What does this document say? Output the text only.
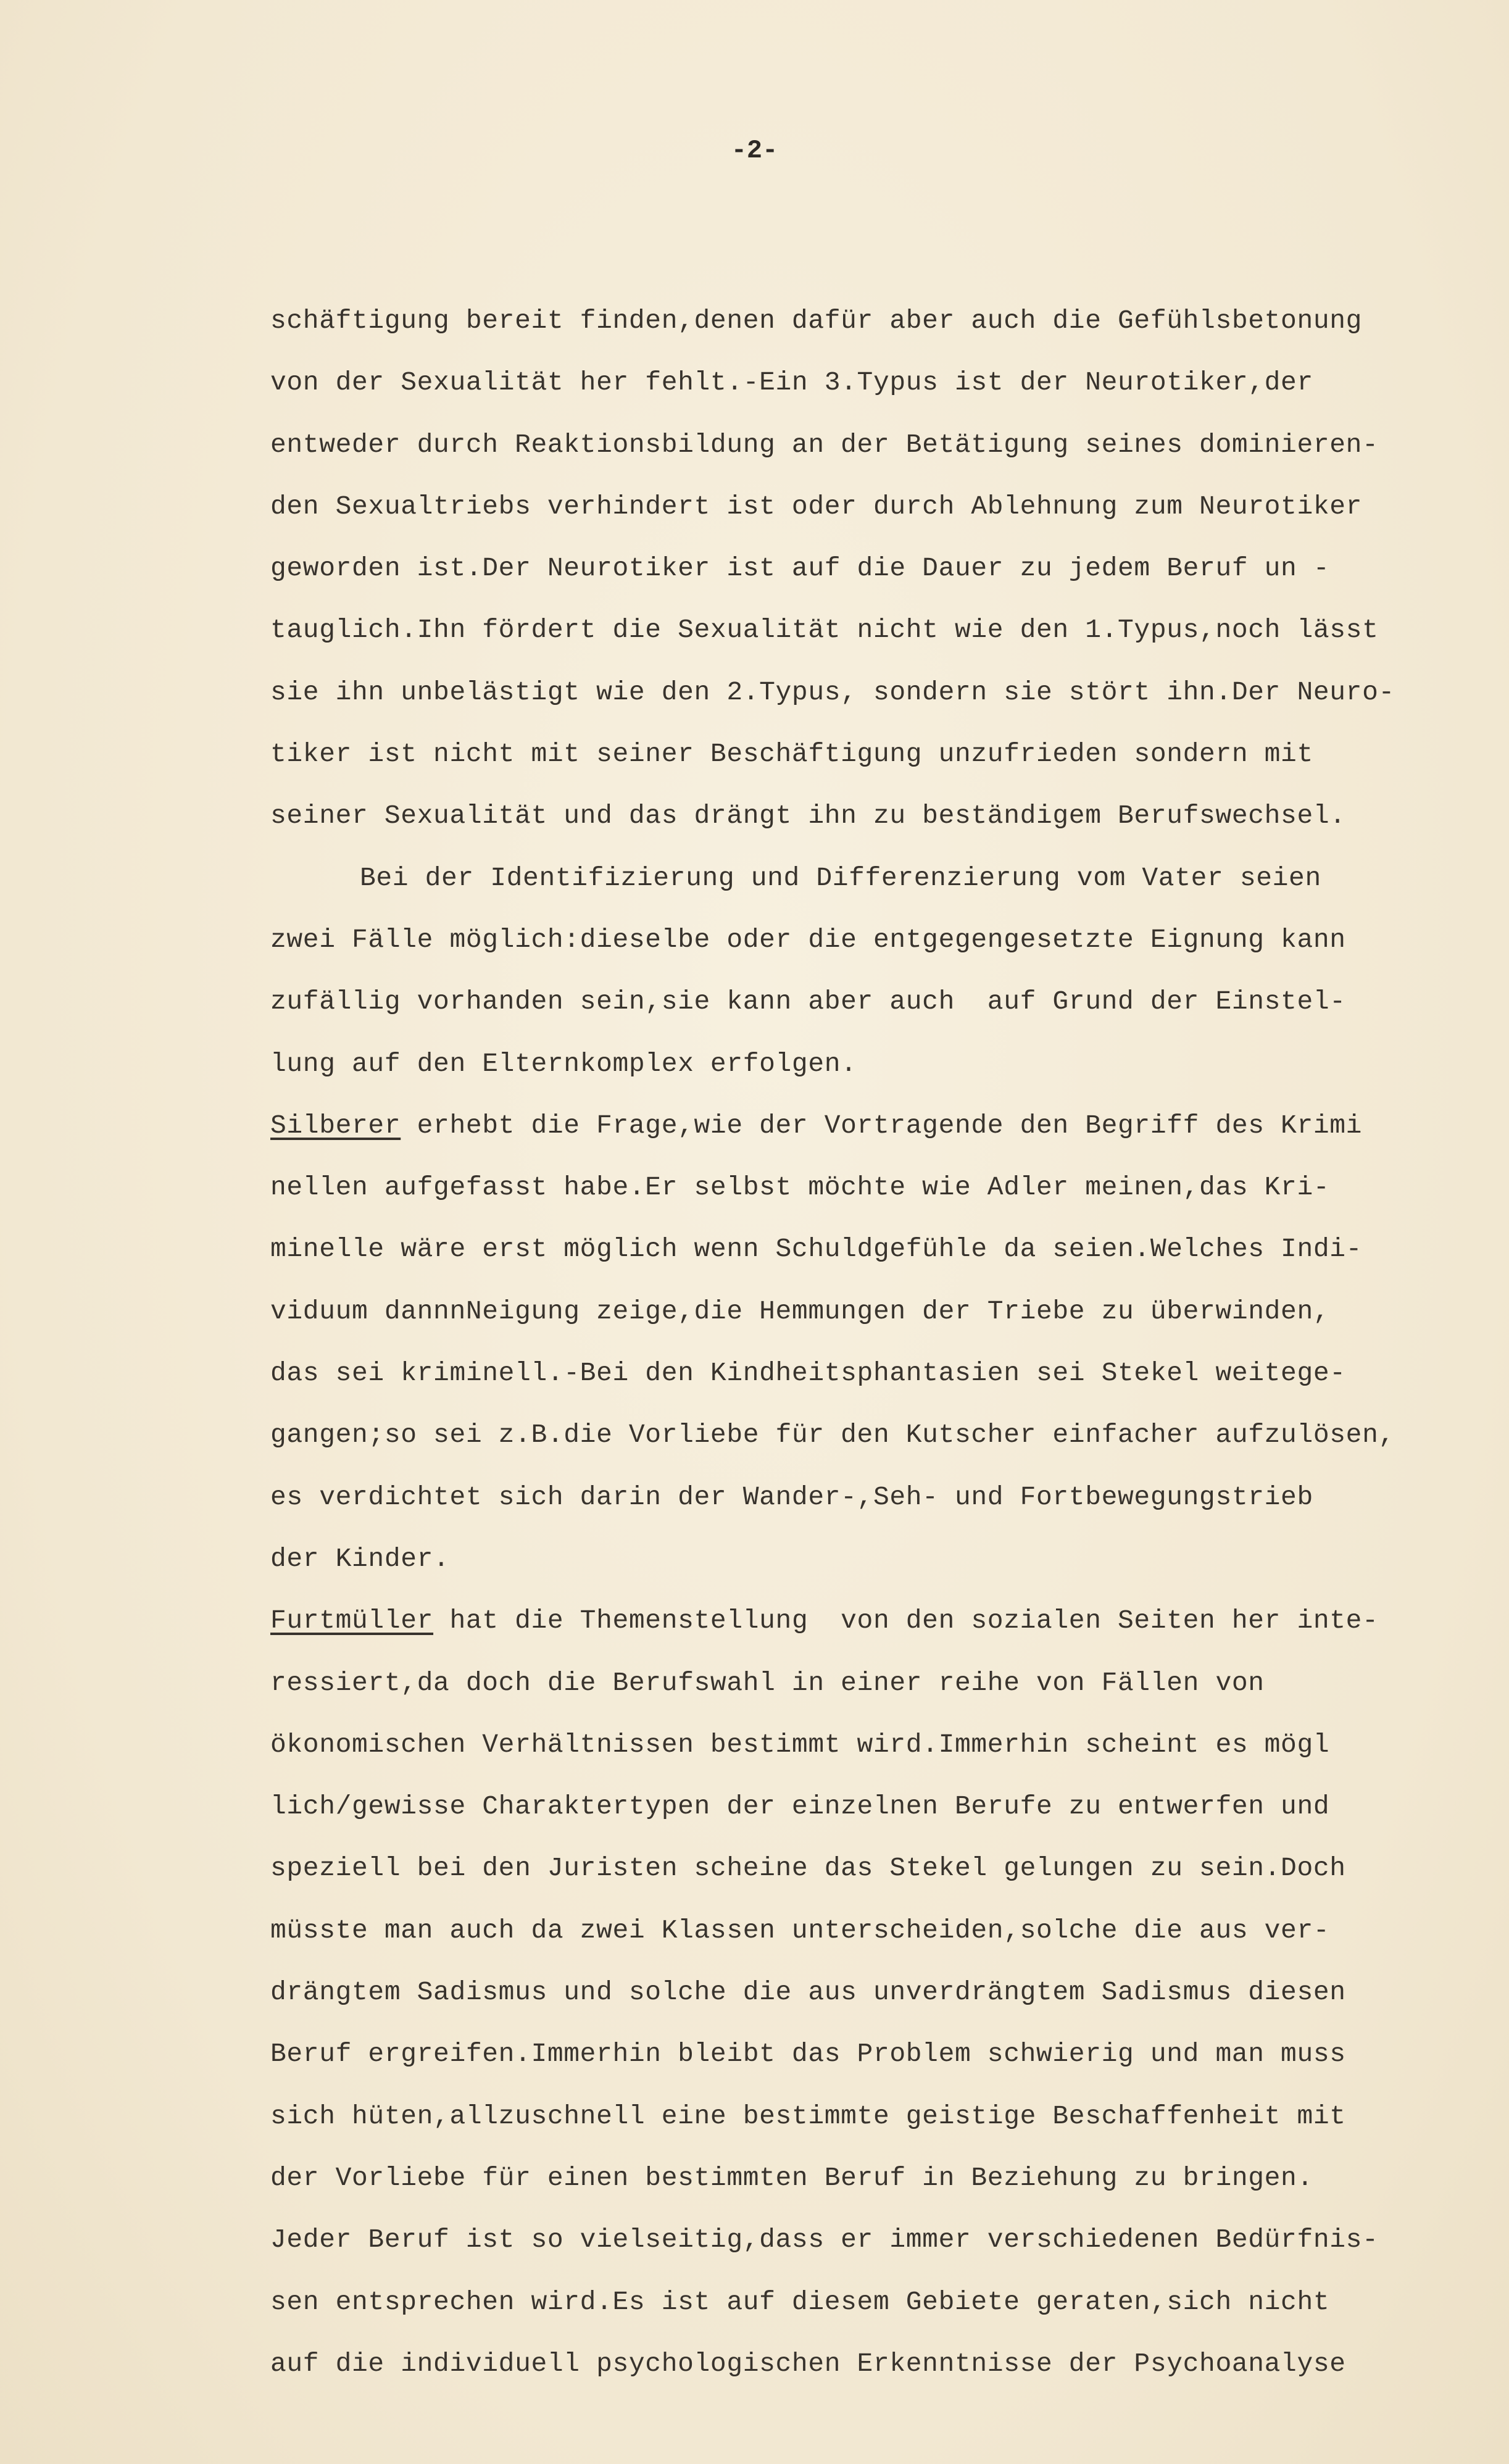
-2-
schäftigung bereit finden,denen dafür aber auch die Gefühlsbetonung
von der Sexualität her fehlt.-Ein 3.Typus ist der Neurotiker,der
entweder durch Reaktionsbildung an der Betätigung seines dominieren-
den Sexualtriebs verhindert ist oder durch Ablehnung zum Neurotiker
geworden ist.Der Neurotiker ist auf die Dauer zu jedem Beruf un -
tauglich.Ihn fördert die Sexualität nicht wie den 1.Typus,noch lässt
sie ihn unbelästigt wie den 2.Typus, sondern sie stört ihn.Der Neuro-
tiker ist nicht mit seiner Beschäftigung unzufrieden sondern mit
seiner Sexualität und das drängt ihn zu beständigem Berufswechsel.
Bei der Identifizierung und Differenzierung vom Vater seien
zwei Fälle möglich:dieselbe oder die entgegengesetzte Eignung kann
zufällig vorhanden sein,sie kann aber auch  auf Grund der Einstel-
lung auf den Elternkomplex erfolgen.
Silberer erhebt die Frage,wie der Vortragende den Begriff des Krimi
nellen aufgefasst habe.Er selbst möchte wie Adler meinen,das Kri-
minelle wäre erst möglich wenn Schuldgefühle da seien.Welches Indi-
viduum dannnNeigung zeige,die Hemmungen der Triebe zu überwinden,
das sei kriminell.-Bei den Kindheitsphantasien sei Stekel weitege-
gangen;so sei z.B.die Vorliebe für den Kutscher einfacher aufzulösen,
es verdichtet sich darin der Wander-,Seh- und Fortbewegungstrieb
der Kinder.
Furtmüller hat die Themenstellung  von den sozialen Seiten her inte-
ressiert,da doch die Berufswahl in einer reihe von Fällen von
ökonomischen Verhältnissen bestimmt wird.Immerhin scheint es mögl
lich/gewisse Charaktertypen der einzelnen Berufe zu entwerfen und
speziell bei den Juristen scheine das Stekel gelungen zu sein.Doch
müsste man auch da zwei Klassen unterscheiden,solche die aus ver-
drängtem Sadismus und solche die aus unverdrängtem Sadismus diesen
Beruf ergreifen.Immerhin bleibt das Problem schwierig und man muss
sich hüten,allzuschnell eine bestimmte geistige Beschaffenheit mit
der Vorliebe für einen bestimmten Beruf in Beziehung zu bringen.
Jeder Beruf ist so vielseitig,dass er immer verschiedenen Bedürfnis-
sen entsprechen wird.Es ist auf diesem Gebiete geraten,sich nicht
auf die individuell psychologischen Erkenntnisse der Psychoanalyse
